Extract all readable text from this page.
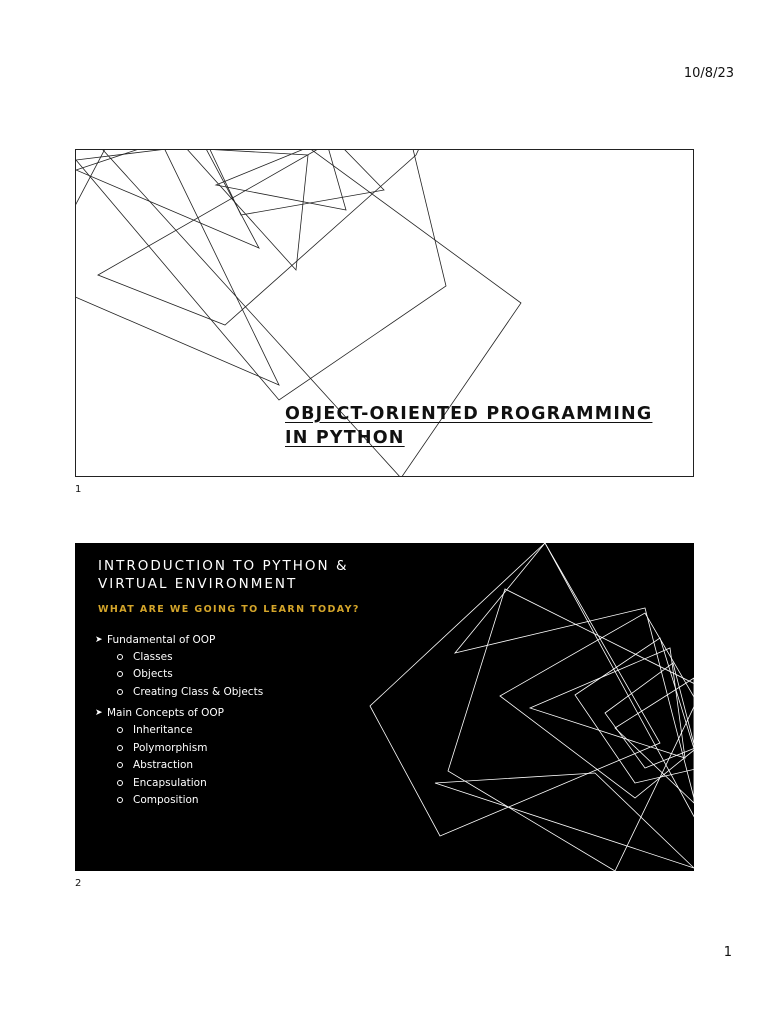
10/8/23
OBJECT-ORIENTED PROGRAMMING
IN PYTHON
1
INTRODUCTION TO PYTHON &
VIRTUAL ENVIRONMENT
WHAT ARE WE GOING TO LEARN TODAY?
➤ Fundamental of OOP
Classes
Objects
Creating Class & Objects
➤ Main Concepts of OOP
Inheritance
Polymorphism
Abstraction
Encapsulation
Composition
2
1
